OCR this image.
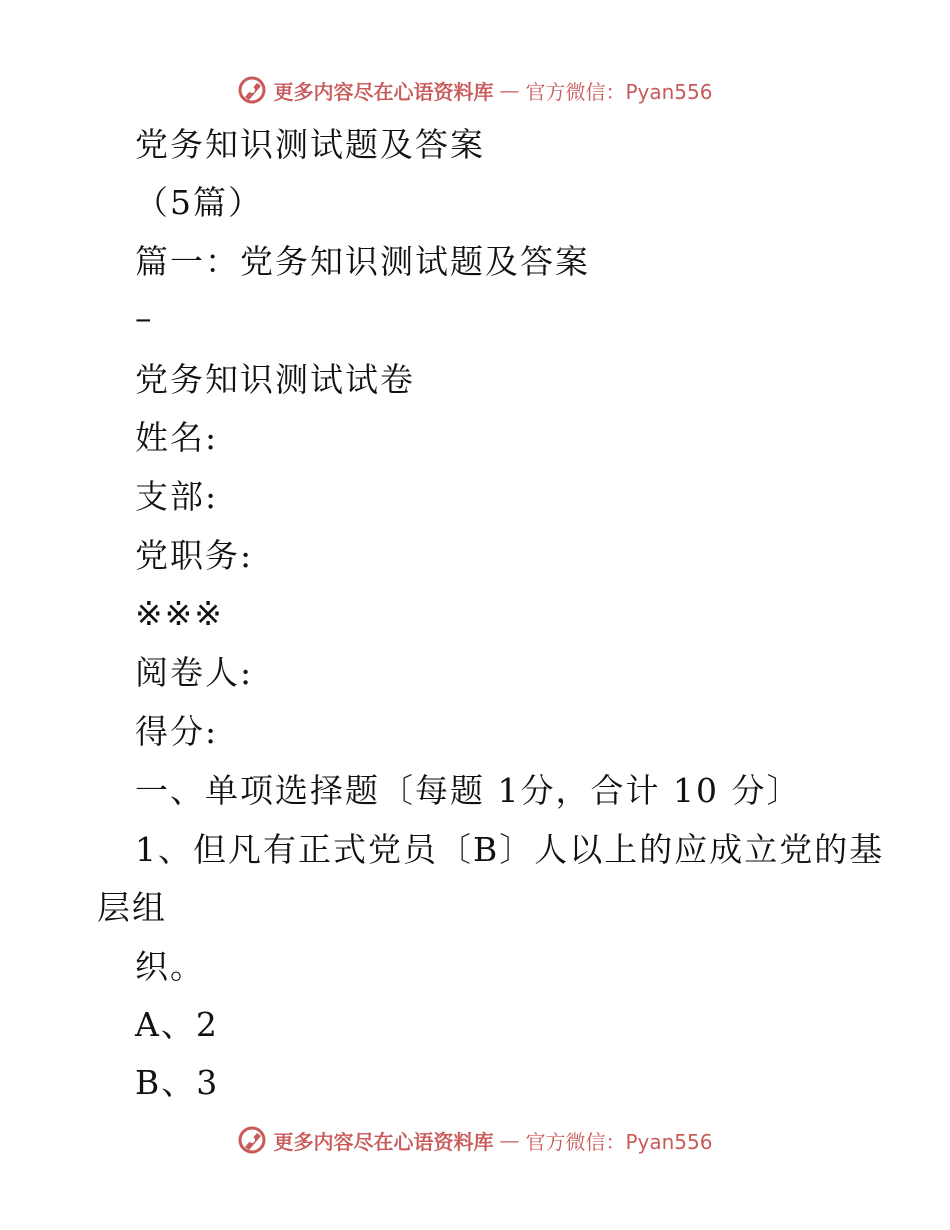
更多内容尽在心语资料库 — 官方微信：Pyan556
党务知识测试题及答案
（5篇）
篇一：党务知识测试题及答案
–
党务知识测试试卷
姓名:
支部:
党职务:
※※※
阅卷人:
得分:
一、单项选择题〔每题 1分，合计 10 分〕
1、但凡有正式党员〔B〕人以上的应成立党的基
层组
织。
A、2
B、3
更多内容尽在心语资料库 — 官方微信：Pyan556
